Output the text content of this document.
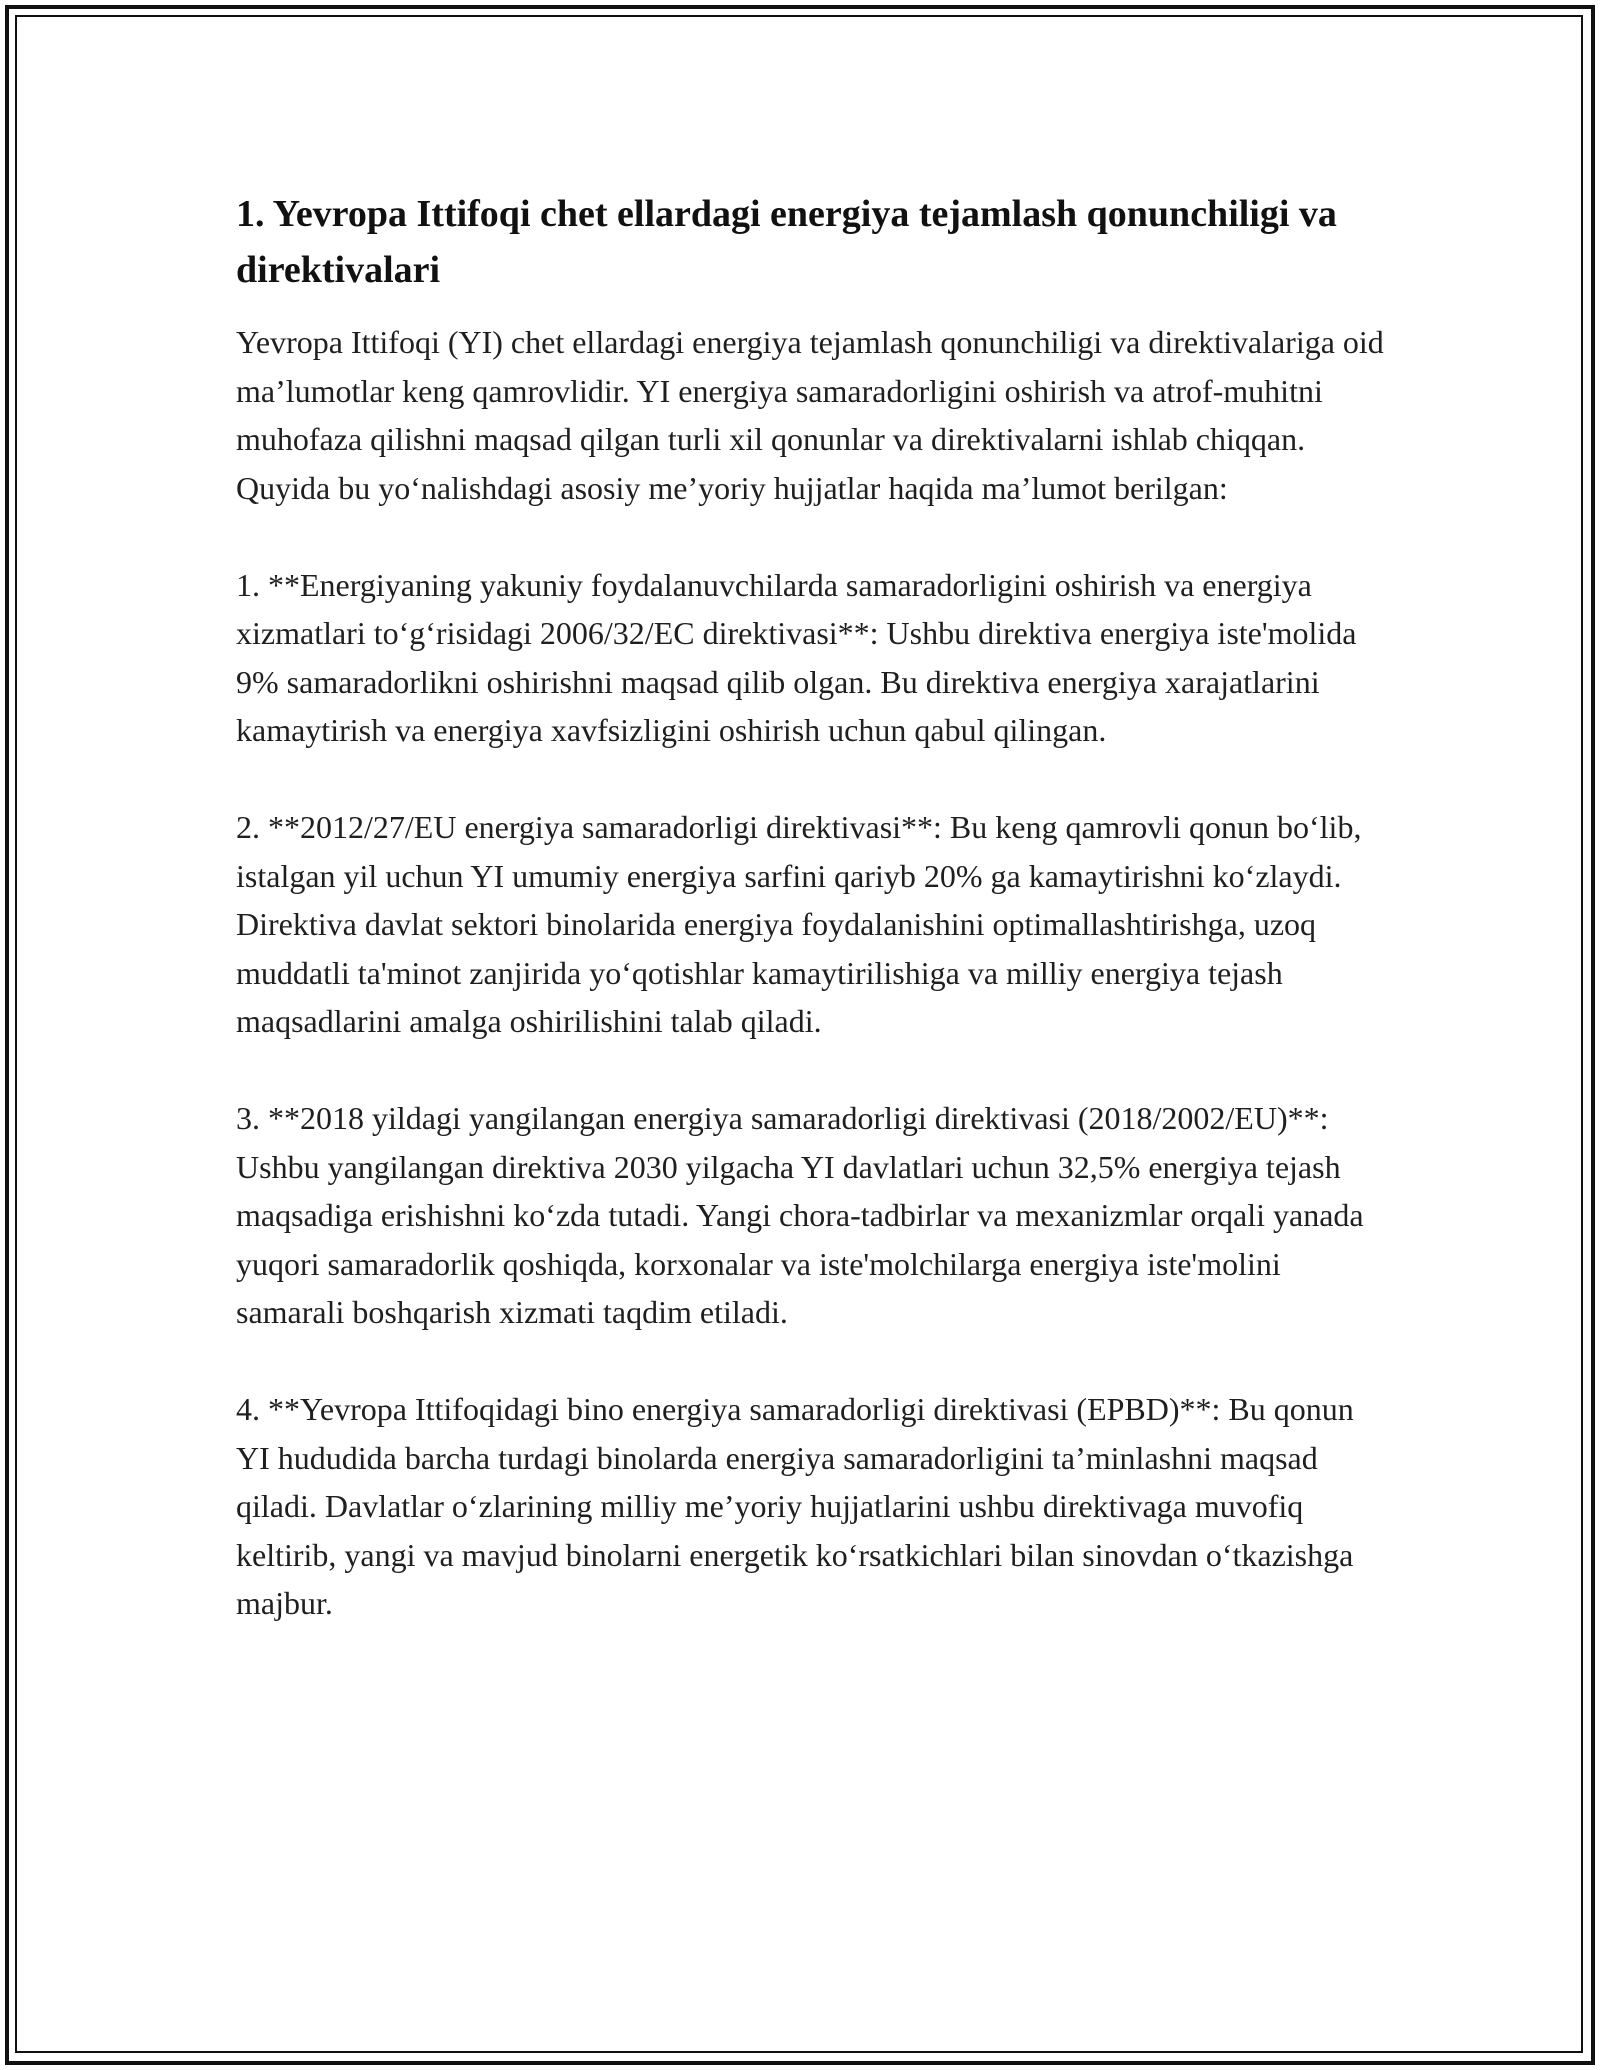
1. Yevropa Ittifoqi chet ellardagi energiya tejamlash qonunchiligi va direktivalari

Yevropa Ittifoqi (YI) chet ellardagi energiya tejamlash qonunchiligi va direktivalariga oid ma’lumotlar keng qamrovlidir. YI energiya samaradorligini oshirish va atrof-muhitni muhofaza qilishni maqsad qilgan turli xil qonunlar va direktivalarni ishlab chiqqan. Quyida bu yo‘nalishdagi asosiy me’yoriy hujjatlar haqida ma’lumot berilgan:

1. **Energiyaning yakuniy foydalanuvchilarda samaradorligini oshirish va energiya xizmatlari to‘g‘risidagi 2006/32/EC direktivasi**: Ushbu direktiva energiya iste'molida 9% samaradorlikni oshirishni maqsad qilib olgan. Bu direktiva energiya xarajatlarini kamaytirish va energiya xavfsizligini oshirish uchun qabul qilingan.

2. **2012/27/EU energiya samaradorligi direktivasi**: Bu keng qamrovli qonun bo‘lib, istalgan yil uchun YI umumiy energiya sarfini qariyb 20% ga kamaytirishni ko‘zlaydi. Direktiva davlat sektori binolarida energiya foydalanishini optimallashtirishga, uzoq muddatli ta'minot zanjirida yo‘qotishlar kamaytirilishiga va milliy energiya tejash maqsadlarini amalga oshirilishini talab qiladi.

3. **2018 yildagi yangilangan energiya samaradorligi direktivasi (2018/2002/EU)**: Ushbu yangilangan direktiva 2030 yilgacha YI davlatlari uchun 32,5% energiya tejash maqsadiga erishishni ko‘zda tutadi. Yangi chora-tadbirlar va mexanizmlar orqali yanada yuqori samaradorlik qoshiqda, korxonalar va iste'molchilarga energiya iste'molini samarali boshqarish xizmati taqdim etiladi.

4. **Yevropa Ittifoqidagi bino energiya samaradorligi direktivasi (EPBD)**: Bu qonun YI hududida barcha turdagi binolarda energiya samaradorligini ta’minlashni maqsad qiladi. Davlatlar o‘zlarining milliy me’yoriy hujjatlarini ushbu direktivaga muvofiq keltirib, yangi va mavjud binolarni energetik ko‘rsatkichlari bilan sinovdan o‘tkazishga majbur.
